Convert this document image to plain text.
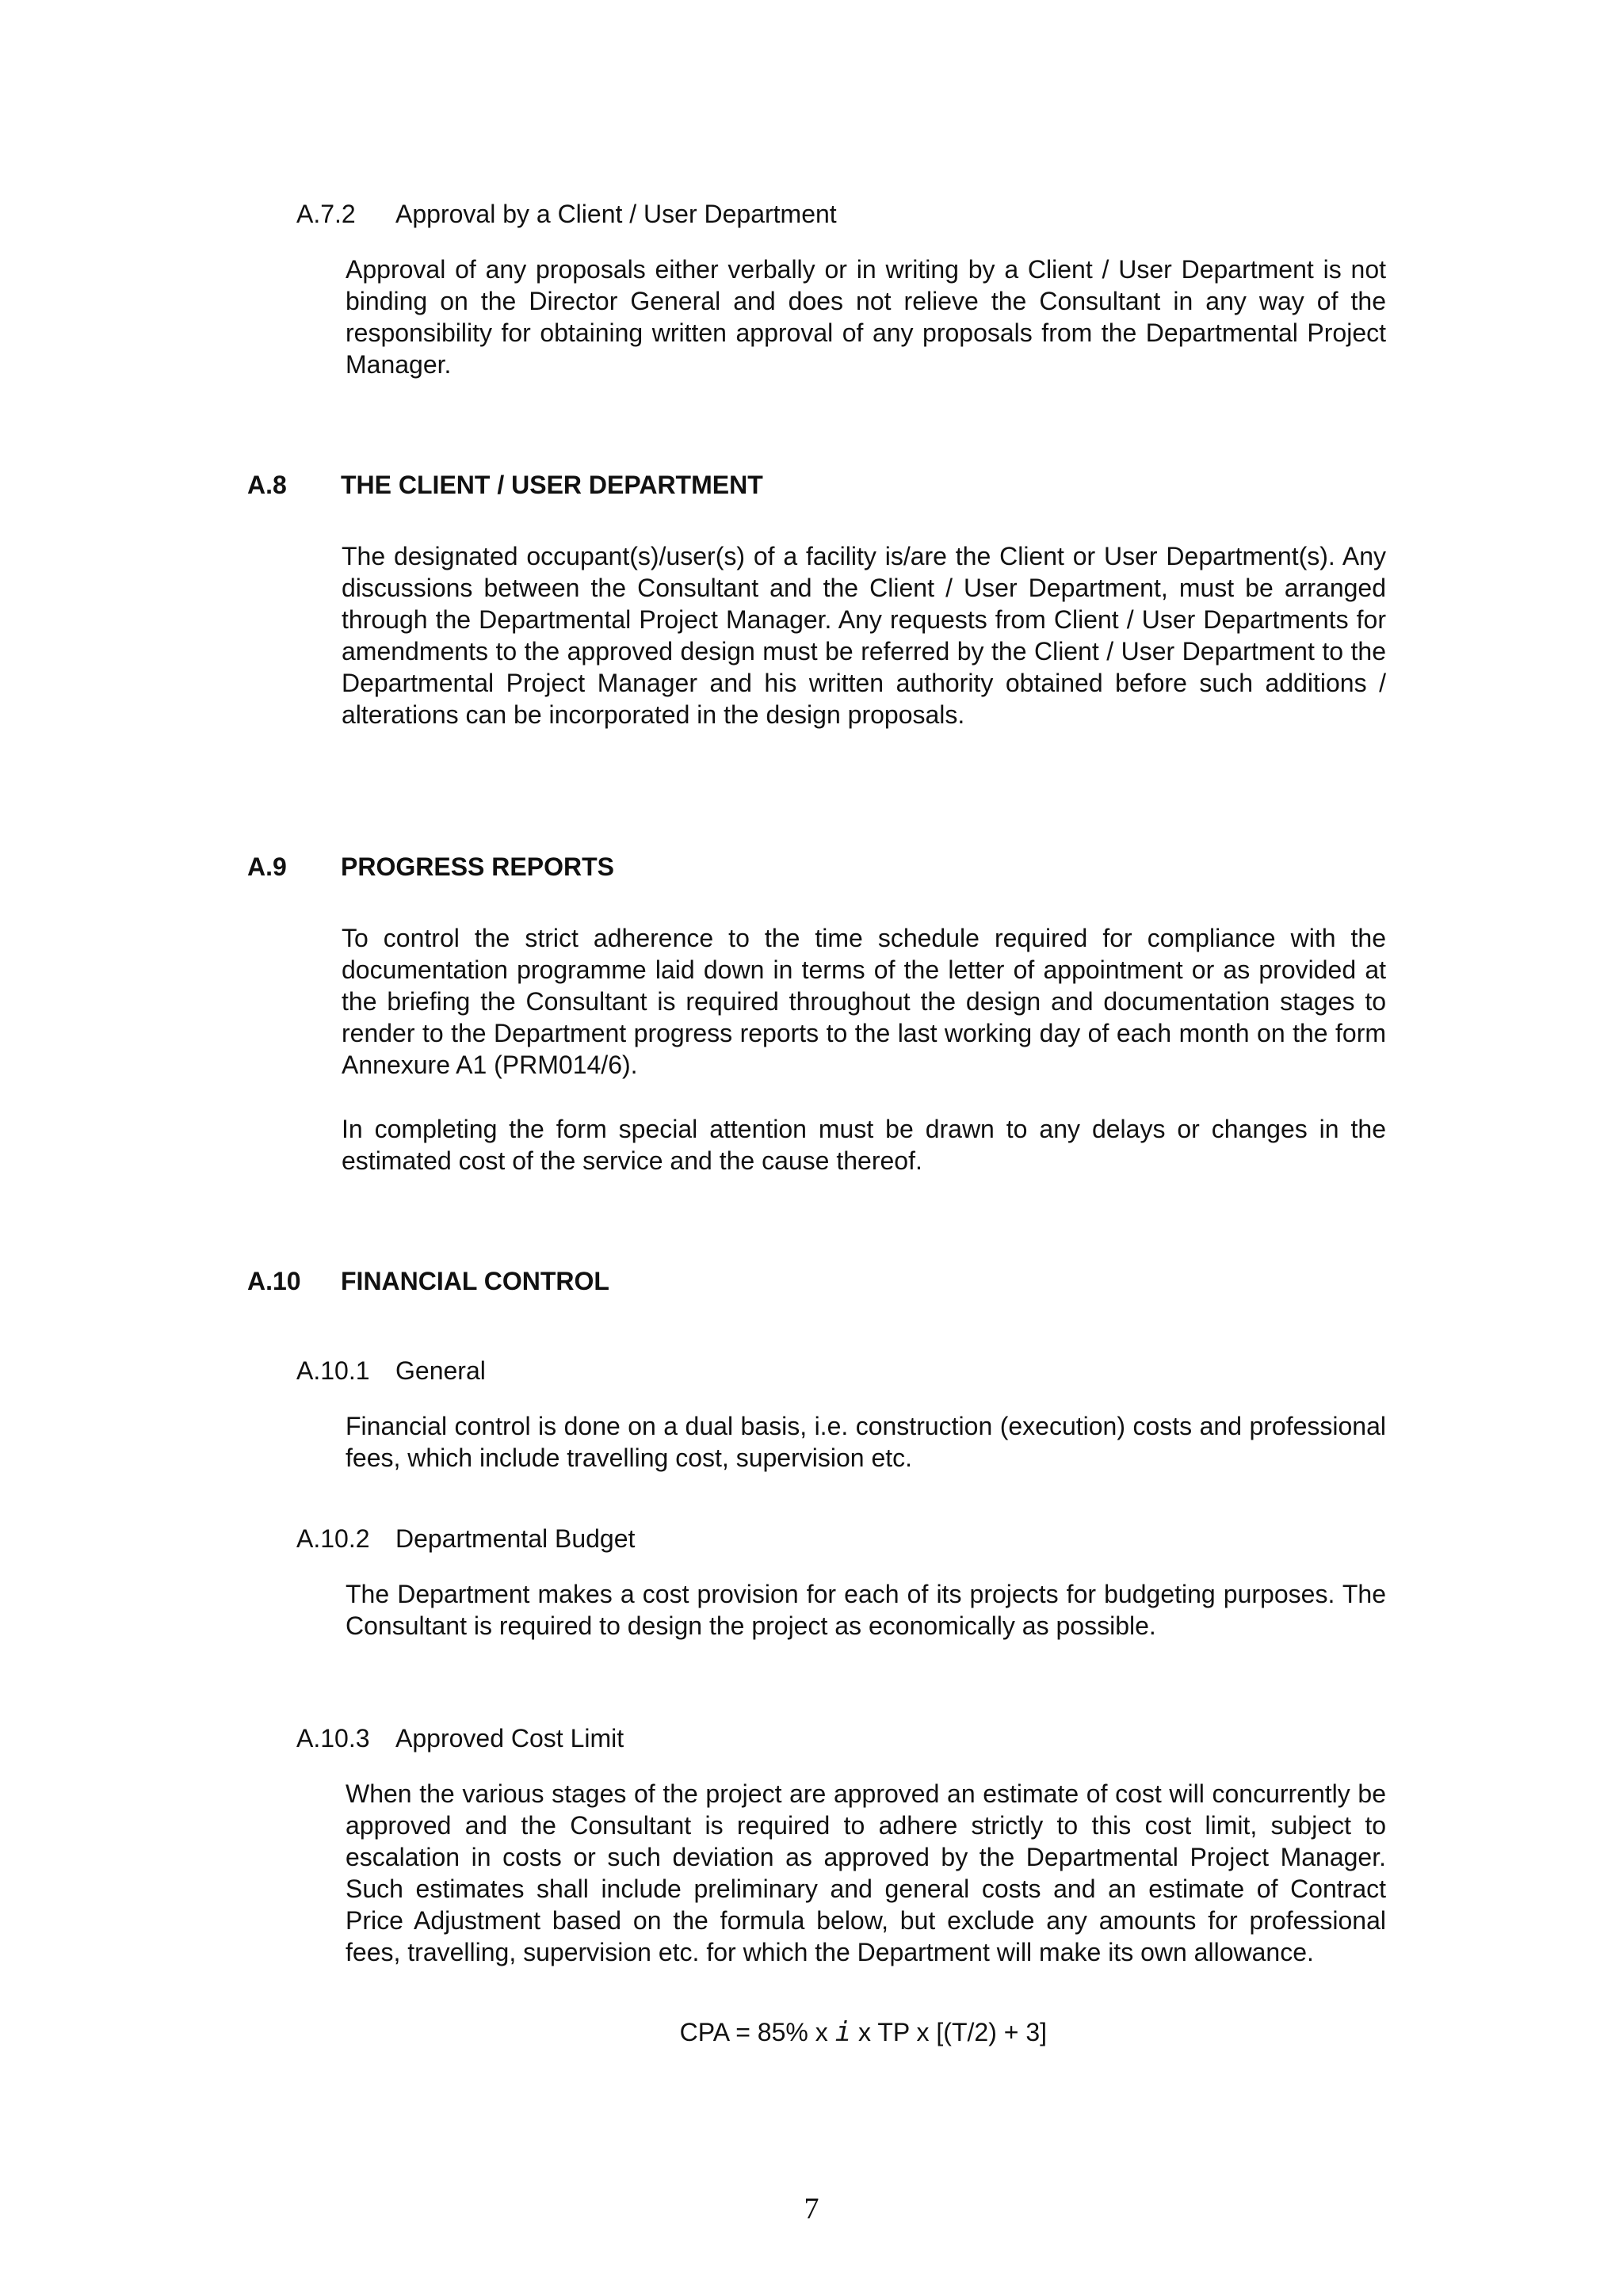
A.7.2 Approval by a Client / User Department

Approval of any proposals either verbally or in writing by a Client / User Department is not binding on the Director General and does not relieve the Consultant in any way of the responsibility for obtaining written approval of any proposals from the Departmental Project Manager.

A.8 THE CLIENT / USER DEPARTMENT

The designated occupant(s)/user(s) of a facility is/are the Client or User Department(s). Any discussions between the Consultant and the Client / User Department, must be arranged through the Departmental Project Manager. Any requests from Client / User Departments for amendments to the approved design must be referred by the Client / User Department to the Departmental Project Manager and his written authority obtained before such additions / alterations can be incorporated in the design proposals.

A.9 PROGRESS REPORTS

To control the strict adherence to the time schedule required for compliance with the documentation programme laid down in terms of the letter of appointment or as provided at the briefing the Consultant is required throughout the design and documentation stages to render to the Department progress reports to the last working day of each month on the form Annexure A1 (PRM014/6).

In completing the form special attention must be drawn to any delays or changes in the estimated cost of the service and the cause thereof.

A.10 FINANCIAL CONTROL
A.10.1 General

Financial control is done on a dual basis, i.e. construction (execution) costs and professional fees, which include travelling cost, supervision etc.

A.10.2 Departmental Budget

The Department makes a cost provision for each of its projects for budgeting purposes. The Consultant is required to design the project as economically as possible.

A.10.3 Approved Cost Limit

When the various stages of the project are approved an estimate of cost will concurrently be approved and the Consultant is required to adhere strictly to this cost limit, subject to escalation in costs or such deviation as approved by the Departmental Project Manager. Such estimates shall include preliminary and general costs and an estimate of Contract Price Adjustment based on the formula below, but exclude any amounts for professional fees, travelling, supervision etc. for which the Department will make its own allowance.

CPA = 85% x i x TP x [(T/2) + 3]
7
